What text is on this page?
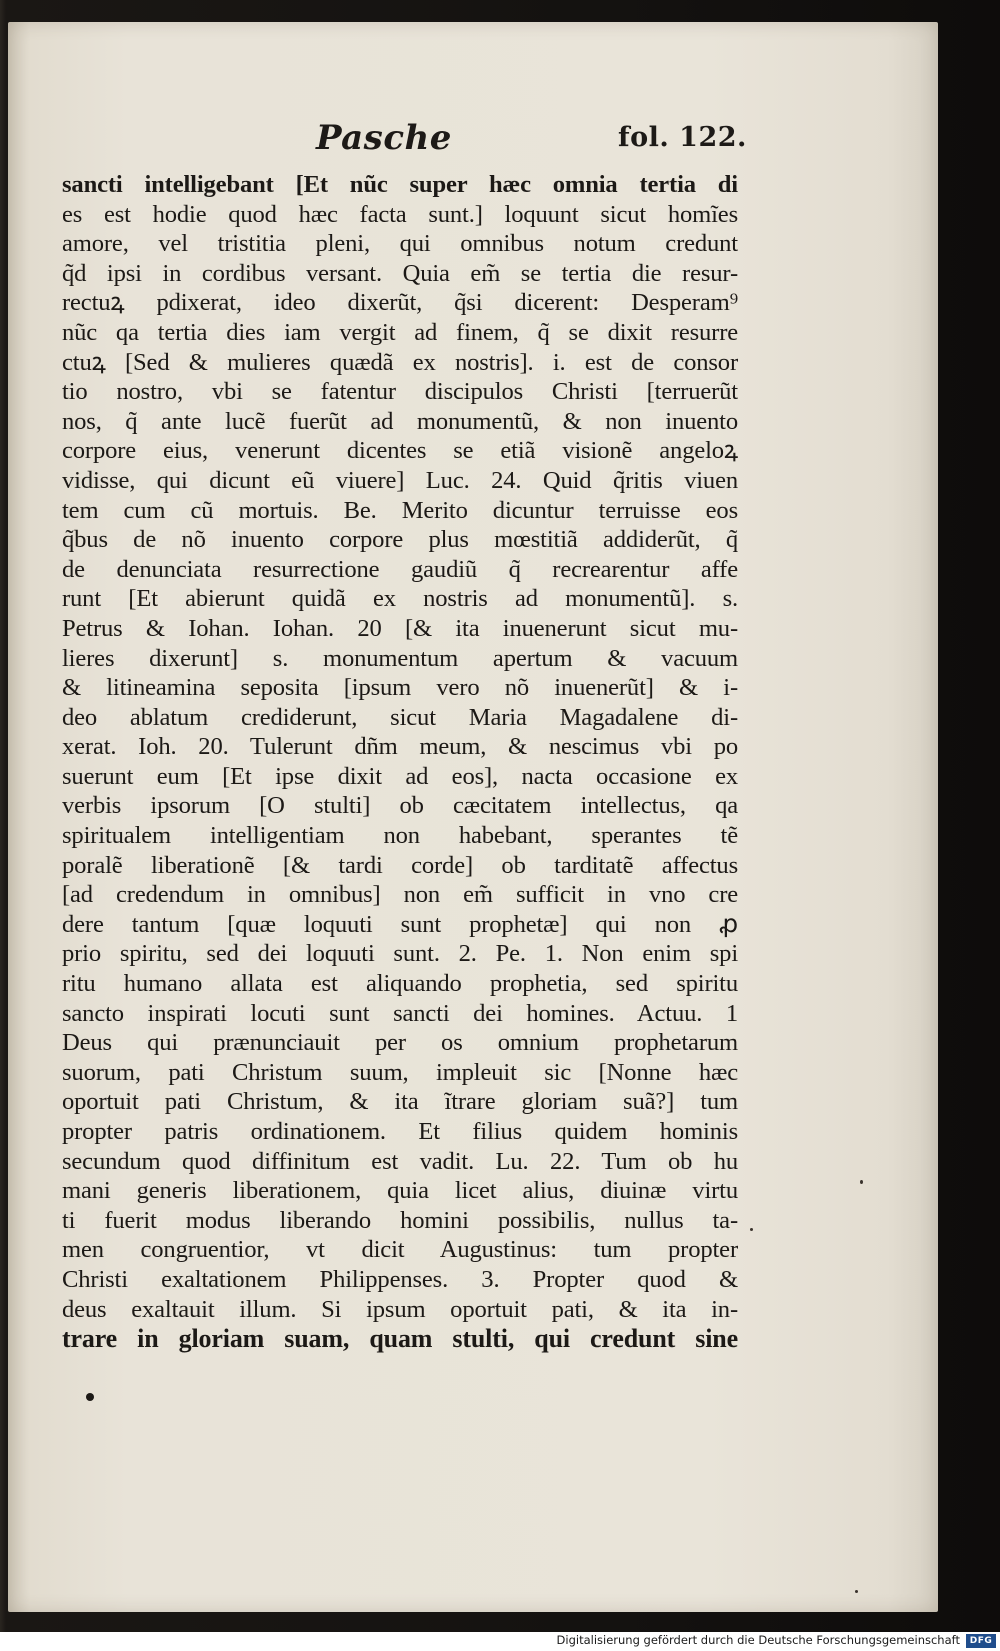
Pasche	fol. 122.
sancti intelligebant [Et nũc super hæc omnia tertia di
es est hodie quod hæc facta sunt.] loquunt sicut homĩes
amore, vel tristitia pleni, qui omnibus notum credunt
q̃d ipsi in cordibus versant. Quia em̃ se tertia die resur-
rectuꝝ pdixerat, ideo dixerũt, q̃si dicerent: Desperam⁹
nũc qa tertia dies iam vergit ad finem, q̃ se dixit resurre
ctuꝝ [Sed & mulieres quædã ex nostris]. i. est de consor
tio nostro, vbi se fatentur discipulos Christi [terruerũt
nos, q̃ ante lucẽ fuerũt ad monumentũ, & non inuento
corpore eius, venerunt dicentes se etiã visionẽ angeloꝝ
vidisse, qui dicunt eũ viuere] Luc. 24. Quid q̃ritis viuen
tem cum cũ mortuis. Be. Merito dicuntur terruisse eos
q̃bus de nõ inuento corpore plus mœstitiã addiderũt, q̃
de denunciata resurrectione gaudiũ q̃ recrearentur affe
runt [Et abierunt quidã ex nostris ad monumentũ]. s.
Petrus & Iohan. Iohan. 20 [& ita inuenerunt sicut mu-
lieres dixerunt] s. monumentum apertum & vacuum
& litineamina seposita [ipsum vero nõ inuenerũt] & i-
deo ablatum crediderunt, sicut Maria Magadalene di-
xerat. Ioh. 20. Tulerunt dñm meum, & nescimus vbi po
suerunt eum [Et ipse dixit ad eos], nacta occasione ex
verbis ipsorum [O stulti] ob cæcitatem intellectus, qa
spiritualem intelligentiam non habebant, sperantes tẽ
poralẽ liberationẽ [& tardi corde] ob tarditatẽ affectus
[ad credendum in omnibus] non em̃ sufficit in vno cre
dere tantum [quæ loquuti sunt prophetæ] qui non ꝓ
prio spiritu, sed dei loquuti sunt. 2. Pe. 1. Non enim spi
ritu humano allata est aliquando prophetia, sed spiritu
sancto inspirati locuti sunt sancti dei homines. Actuu. 1
Deus qui prænunciauit per os omnium prophetarum
suorum, pati Christum suum, impleuit sic [Nonne hæc
oportuit pati Christum, & ita ĩtrare gloriam suã?] tum
propter patris ordinationem. Et filius quidem hominis
secundum quod diffinitum est vadit. Lu. 22. Tum ob hu
mani generis liberationem, quia licet alius, diuinæ virtu
ti fuerit modus liberando homini possibilis, nullus ta-
men congruentior, vt dicit Augustinus: tum propter
Christi exaltationem Philippenses. 3. Propter quod &
deus exaltauit illum. Si ipsum oportuit pati, & ita in-
trare in gloriam suam, quam stulti, qui credunt sine
Digitalisierung gefördert durch die Deutsche Forschungsgemeinschaft	DFG
